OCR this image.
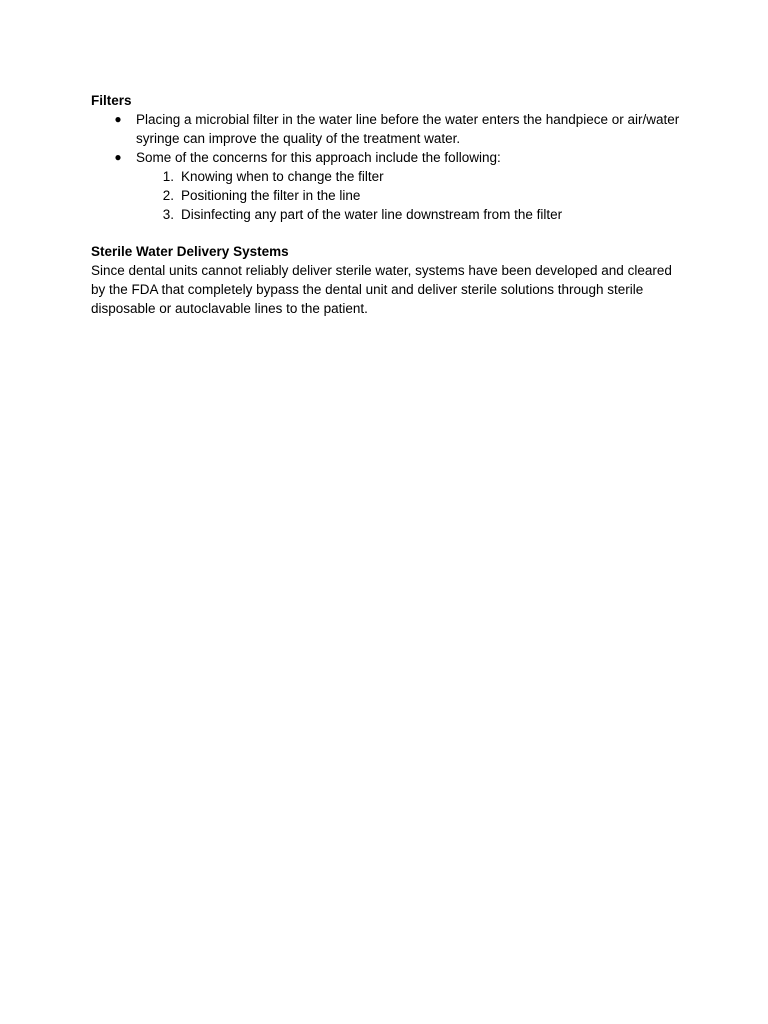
Filters
● Placing a microbial filter in the water line before the water enters the handpiece or air/water syringe can improve the quality of the treatment water.
● Some of the concerns for this approach include the following:
1. Knowing when to change the filter
2. Positioning the filter in the line
3. Disinfecting any part of the water line downstream from the filter
Sterile Water Delivery Systems

Since dental units cannot reliably deliver sterile water, systems have been developed and cleared by the FDA that completely bypass the dental unit and deliver sterile solutions through sterile disposable or autoclavable lines to the patient.
